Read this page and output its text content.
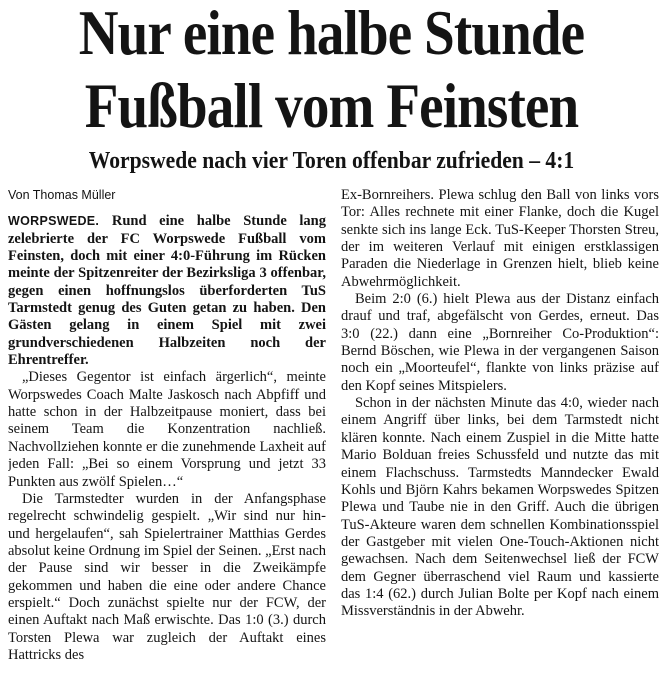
Nur eine halbe Stunde
Fußball vom Feinsten
Worpswede nach vier Toren offenbar zufrieden – 4:1
Von Thomas Müller
WORPSWEDE. Rund eine halbe Stunde lang zelebrierte der FC Worpswede Fußball vom Feinsten, doch mit einer 4:0-Führung im Rücken meinte der Spitzenreiter der Bezirksliga 3 offenbar, gegen einen hoffnungslos überforderten TuS Tarmstedt genug des Guten getan zu haben. Den Gästen gelang in einem Spiel mit zwei grundverschiedenen Halbzeiten noch der Ehrentreffer.

„Dieses Gegentor ist einfach ärgerlich“, meinte Worpswedes Coach Malte Jaskosch nach Abpfiff und hatte schon in der Halbzeitpause moniert, dass bei seinem Team die Konzentration nachließ. Nachvollziehen konnte er die zunehmende Laxheit auf jeden Fall: „Bei so einem Vorsprung und jetzt 33 Punkten aus zwölf Spielen…“

Die Tarmstedter wurden in der Anfangsphase regelrecht schwindelig gespielt. „Wir sind nur hin- und hergelaufen“, sah Spielertrainer Matthias Gerdes absolut keine Ordnung im Spiel der Seinen. „Erst nach der Pause sind wir besser in die Zweikämpfe gekommen und haben die eine oder andere Chance erspielt.“ Doch zunächst spielte nur der FCW, der einen Auftakt nach Maß erwischte. Das 1:0 (3.) durch Torsten Plewa war zugleich der Auftakt eines Hattricks des

Ex-Bornreihers. Plewa schlug den Ball von links vors Tor: Alles rechnete mit einer Flanke, doch die Kugel senkte sich ins lange Eck. TuS-Keeper Thorsten Streu, der im weiteren Verlauf mit einigen erstklassigen Paraden die Niederlage in Grenzen hielt, blieb keine Abwehrmöglichkeit.

Beim 2:0 (6.) hielt Plewa aus der Distanz einfach drauf und traf, abgefälscht von Gerdes, erneut. Das 3:0 (22.) dann eine „Bornreiher Co-Produktion“: Bernd Böschen, wie Plewa in der vergangenen Saison noch ein „Moorteufel“, flankte von links präzise auf den Kopf seines Mitspielers.

Schon in der nächsten Minute das 4:0, wieder nach einem Angriff über links, bei dem Tarmstedt nicht klären konnte. Nach einem Zuspiel in die Mitte hatte Mario Bolduan freies Schussfeld und nutzte das mit einem Flachschuss. Tarmstedts Manndecker Ewald Kohls und Björn Kahrs bekamen Worpswedes Spitzen Plewa und Taube nie in den Griff. Auch die übrigen TuS-Akteure waren dem schnellen Kombinationsspiel der Gastgeber mit vielen One-Touch-Aktionen nicht gewachsen. Nach dem Seitenwechsel ließ der FCW dem Gegner überraschend viel Raum und kassierte das 1:4 (62.) durch Julian Bolte per Kopf nach einem Missverständnis in der Abwehr.
